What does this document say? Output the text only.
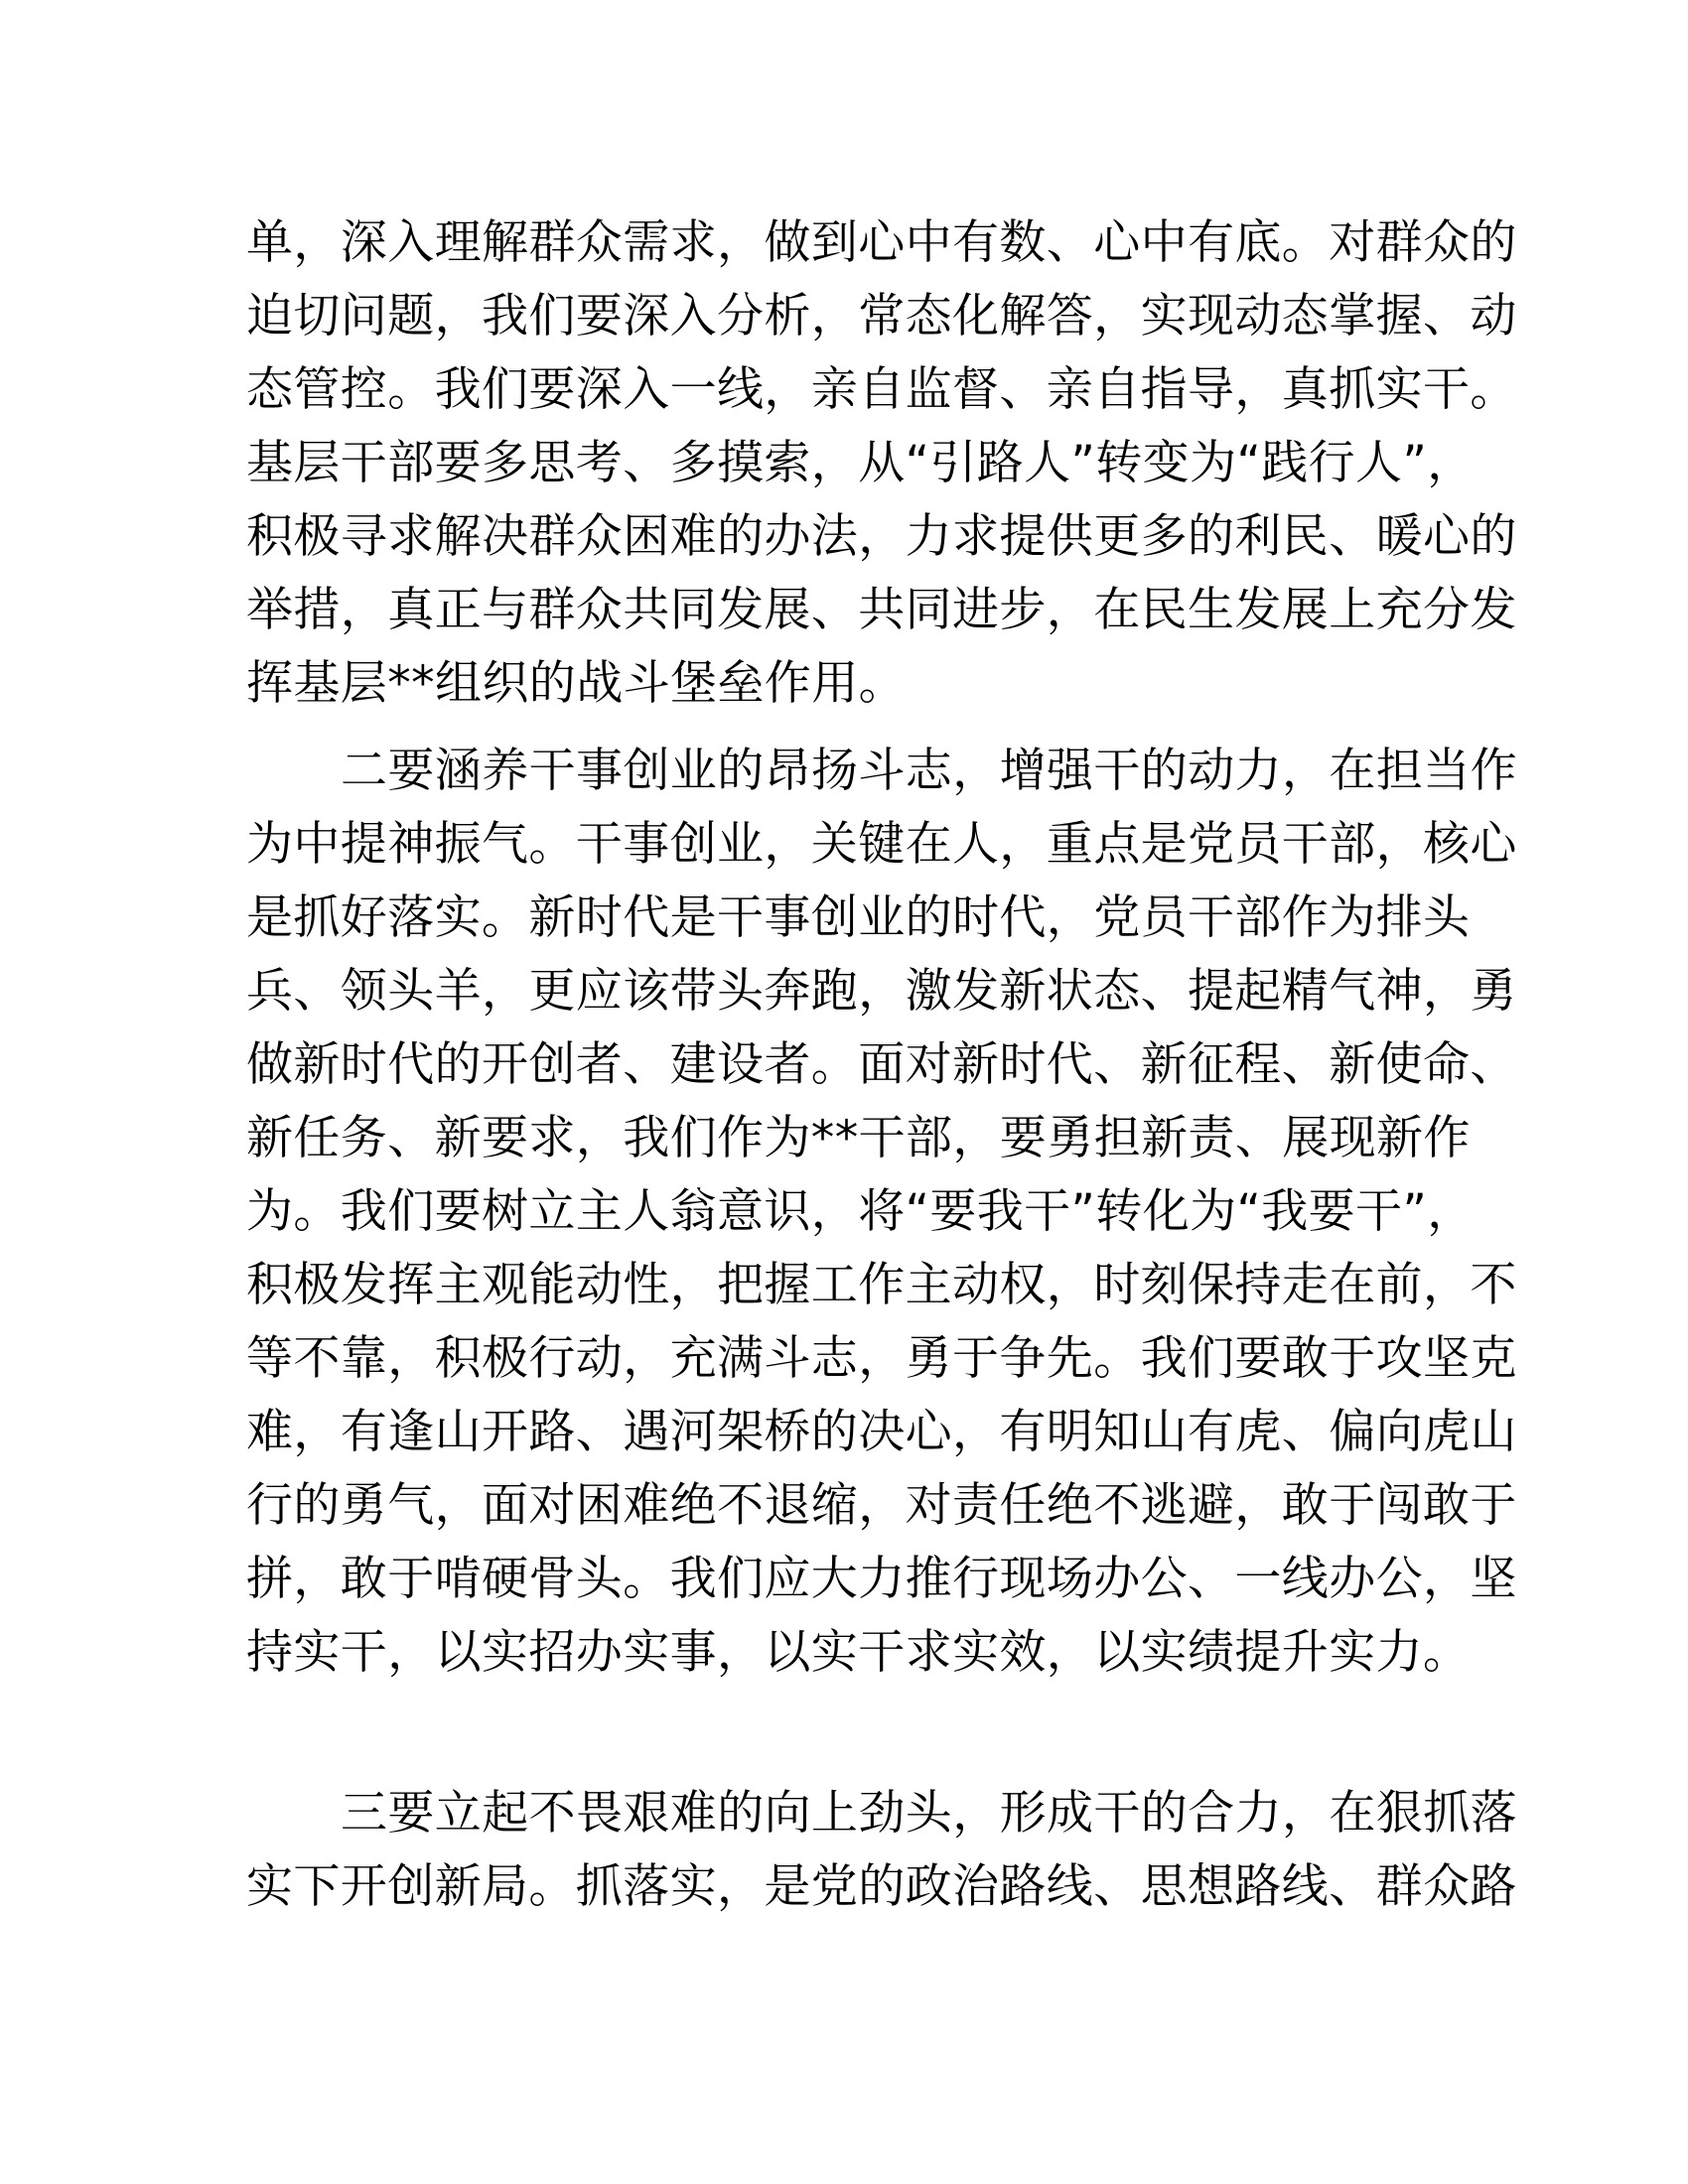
单，深入理解群众需求，做到心中有数、心中有底。对群众的
迫切问题，我们要深入分析，常态化解答，实现动态掌握、动
态管控。我们要深入一线，亲自监督、亲自指导，真抓实干。
基层干部要多思考、多摸索，从“引路人”转变为“践行人”，
积极寻求解决群众困难的办法，力求提供更多的利民、暖心的
举措，真正与群众共同发展、共同进步，在民生发展上充分发
挥基层**组织的战斗堡垒作用。
二要涵养干事创业的昂扬斗志，增强干的动力，在担当作
为中提神振气。干事创业，关键在人，重点是党员干部，核心
是抓好落实。新时代是干事创业的时代，党员干部作为排头
兵、领头羊，更应该带头奔跑，激发新状态、提起精气神，勇
做新时代的开创者、建设者。面对新时代、新征程、新使命、
新任务、新要求，我们作为**干部，要勇担新责、展现新作
为。我们要树立主人翁意识，将“要我干”转化为“我要干”，
积极发挥主观能动性，把握工作主动权，时刻保持走在前，不
等不靠，积极行动，充满斗志，勇于争先。我们要敢于攻坚克
难，有逢山开路、遇河架桥的决心，有明知山有虎、偏向虎山
行的勇气，面对困难绝不退缩，对责任绝不逃避，敢于闯敢于
拼，敢于啃硬骨头。我们应大力推行现场办公、一线办公，坚
持实干，以实招办实事，以实干求实效，以实绩提升实力。
三要立起不畏艰难的向上劲头，形成干的合力，在狠抓落
实下开创新局。抓落实，是党的政治路线、思想路线、群众路
